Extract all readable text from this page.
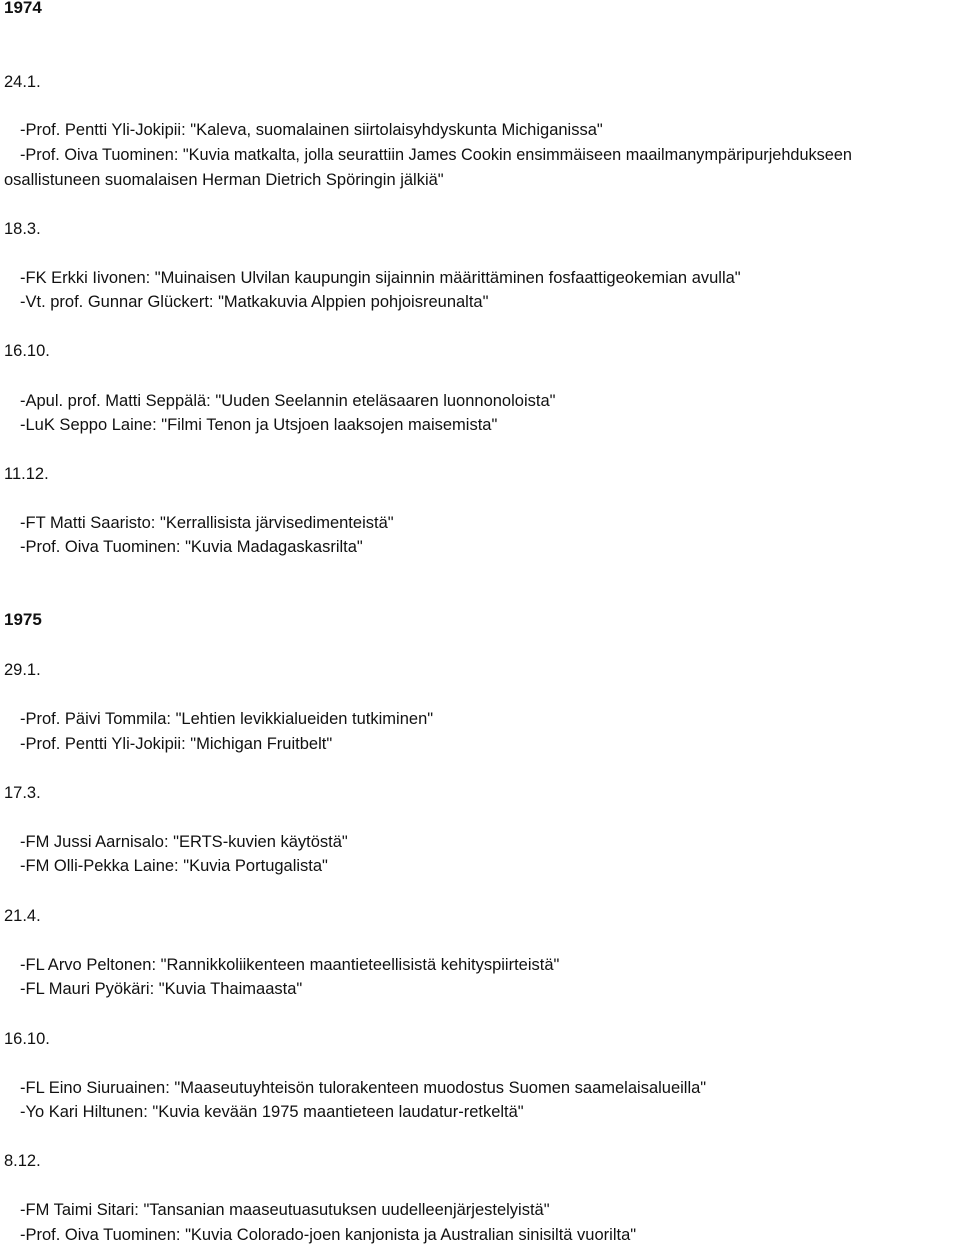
1974
24.1.
-Prof. Pentti Yli-Jokipii: "Kaleva, suomalainen siirtolaisyhdyskunta Michiganissa"
-Prof. Oiva Tuominen: "Kuvia matkalta, jolla seurattiin James Cookin ensimmäiseen maailmanympäripurjehdukseen
osallistuneen suomalaisen Herman Dietrich Spöringin jälkiä"
18.3.
-FK Erkki Iivonen: "Muinaisen Ulvilan kaupungin sijainnin määrittäminen fosfaattigeokemian avulla"
-Vt. prof. Gunnar Glückert: "Matkakuvia Alppien pohjoisreunalta"
16.10.
-Apul. prof. Matti Seppälä: "Uuden Seelannin eteläsaaren luonnonoloista"
-LuK Seppo Laine: "Filmi Tenon ja Utsjoen laaksojen maisemista"
11.12.
-FT Matti Saaristo: "Kerrallisista järvisedimenteistä"
-Prof. Oiva Tuominen: "Kuvia Madagaskasrilta"
1975
29.1.
-Prof. Päivi Tommila: "Lehtien levikkialueiden tutkiminen"
-Prof. Pentti Yli-Jokipii: "Michigan Fruitbelt"
17.3.
-FM Jussi Aarnisalo: "ERTS-kuvien käytöstä"
-FM Olli-Pekka Laine: "Kuvia Portugalista"
21.4.
-FL Arvo Peltonen: "Rannikkoliikenteen maantieteellisistä kehityspiirteistä"
-FL Mauri Pyökäri: "Kuvia Thaimaasta"
16.10.
-FL Eino Siuruainen: "Maaseutuyhteisön tulorakenteen muodostus Suomen saamelaisalueilla"
-Yo Kari Hiltunen: "Kuvia kevään 1975 maantieteen laudatur-retkeltä"
8.12.
-FM Taimi Sitari: "Tansanian maaseutuasutuksen uudelleenjärjestelyistä"
-Prof. Oiva Tuominen: "Kuvia Colorado-joen kanjonista ja Australian sinisiltä vuorilta"
